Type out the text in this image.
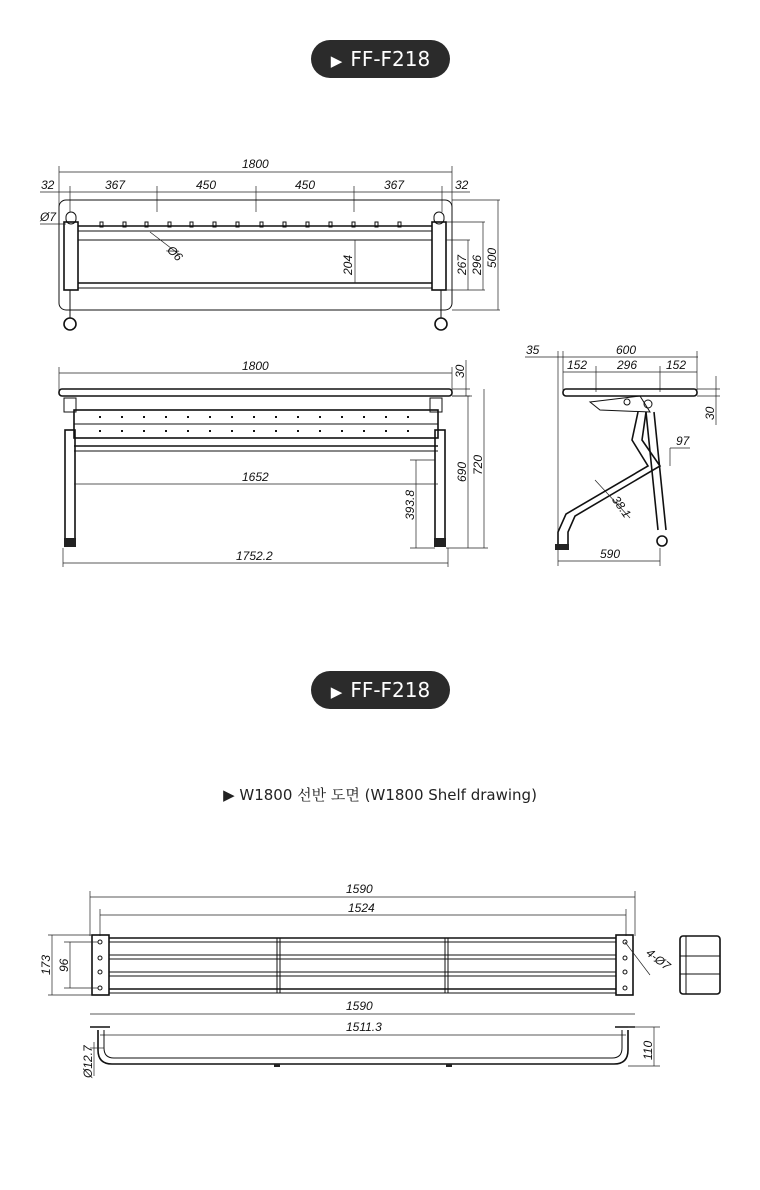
▶ FF-F218
▶ FF-F218
▶ W1800 선반 도면 (W1800 Shelf drawing)
1800
32	367	450	450	367	32
Ø6
Ø7
204	267 296 500
1800	30
1652
1752.2
393.8
690 720
35	600
152 296 152
30
97
38.1
590
1590
1524
173 96	4-Ø7
1590
1511.3
Ø12.7	110
